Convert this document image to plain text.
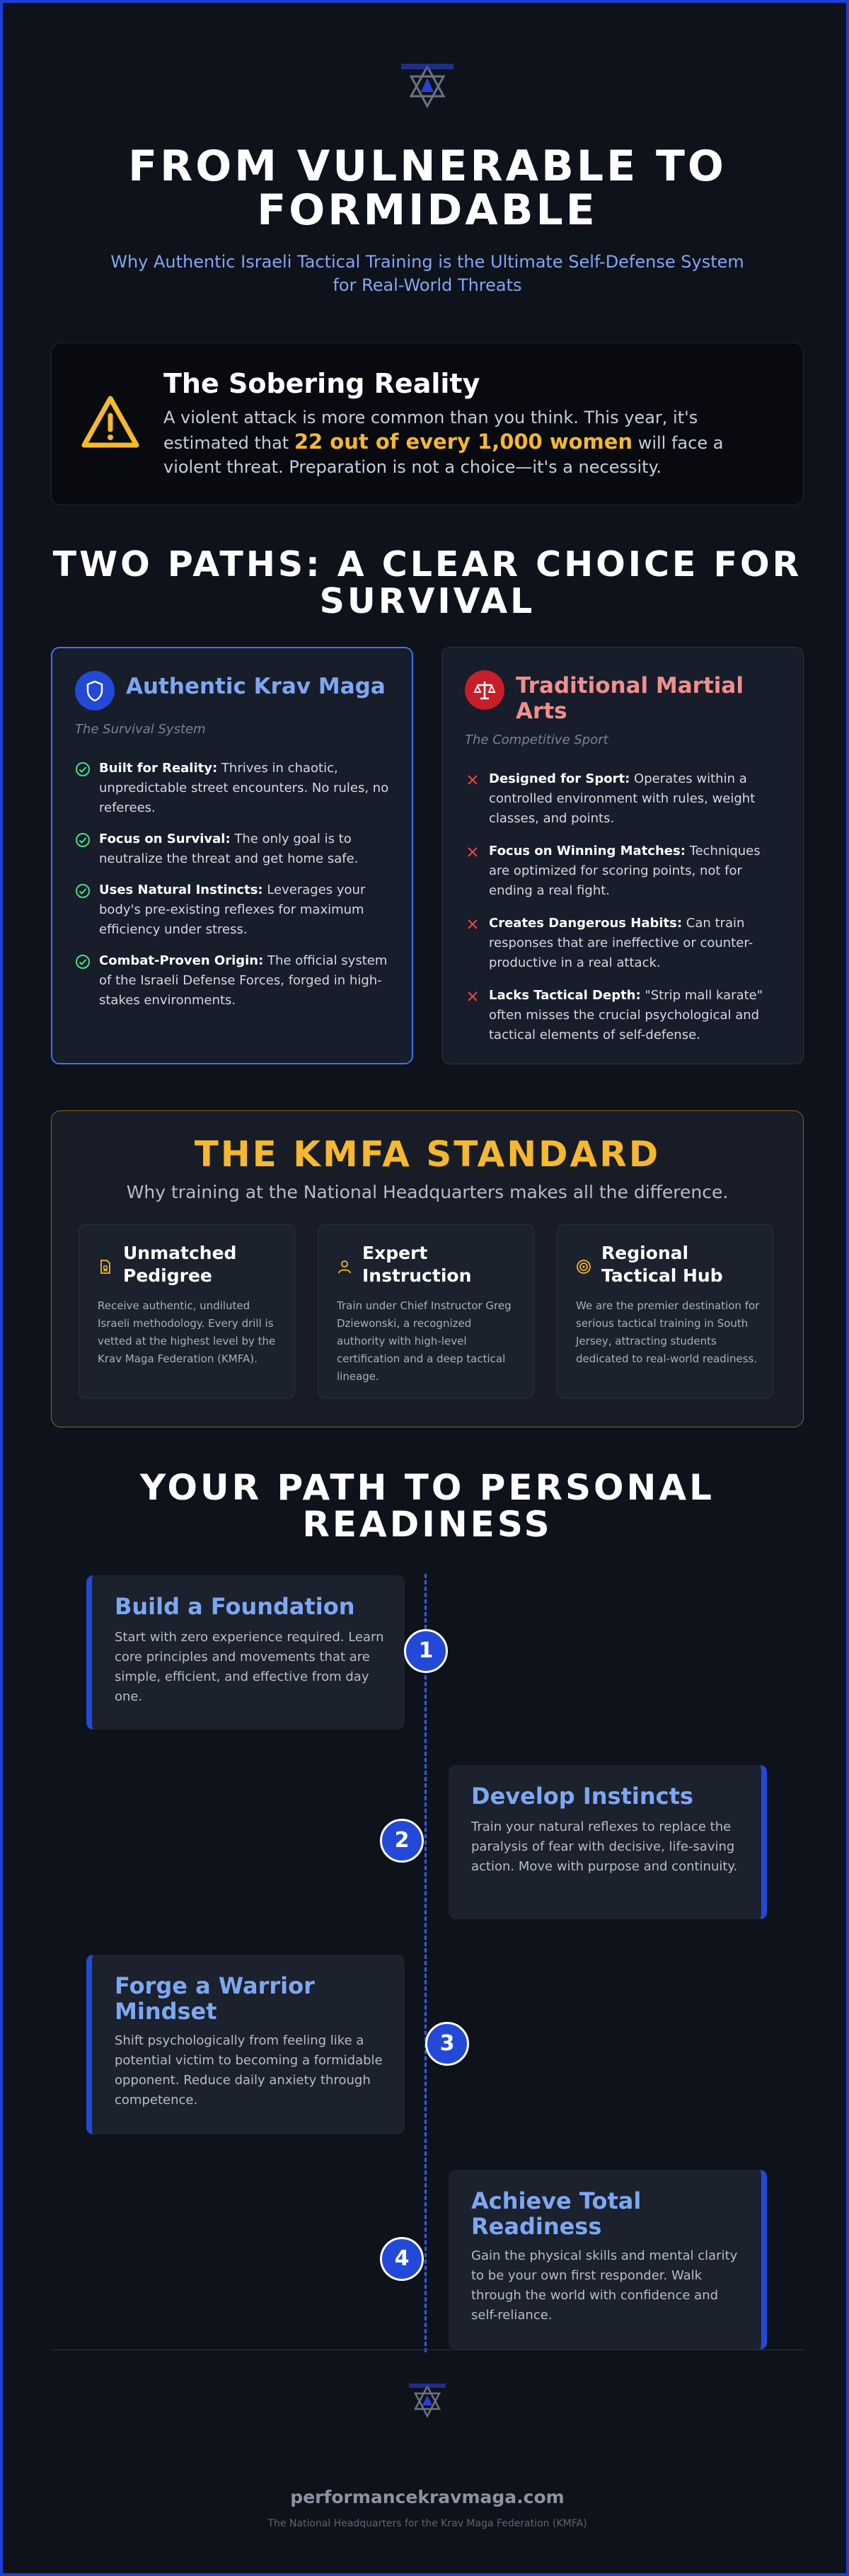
FROM VULNERABLE TO
FORMIDABLE
Why Authentic Israeli Tactical Training is the Ultimate Self-Defense System
for Real-World Threats
The Sobering Reality

A violent attack is more common than you think. This year, it's estimated that 22 out of every 1,000 women will face a violent threat. Preparation is not a choice—it's a necessity.

TWO PATHS: A CLEAR CHOICE FOR
SURVIVAL
Authentic Krav Maga
The Survival System
Built for Reality: Thrives in chaotic, unpredictable street encounters. No rules, no referees.
Focus on Survival: The only goal is to neutralize the threat and get home safe.
Uses Natural Instincts: Leverages your body's pre-existing reflexes for maximum efficiency under stress.
Combat-Proven Origin: The official system of the Israeli Defense Forces, forged in high-stakes environments.
Traditional Martial
Arts
The Competitive Sport
Designed for Sport: Operates within a controlled environment with rules, weight classes, and points.
Focus on Winning Matches: Techniques are optimized for scoring points, not for ending a real fight.
Creates Dangerous Habits: Can train responses that are ineffective or counter-productive in a real attack.
Lacks Tactical Depth: "Strip mall karate" often misses the crucial psychological and tactical elements of self-defense.
THE KMFA STANDARD
Why training at the National Headquarters makes all the difference.
Unmatched
Pedigree

Receive authentic, undiluted Israeli methodology. Every drill is vetted at the highest level by the Krav Maga Federation (KMFA).

Expert
Instruction

Train under Chief Instructor Greg Dziewonski, a recognized authority with high-level certification and a deep tactical lineage.

Regional
Tactical Hub

We are the premier destination for serious tactical training in South Jersey, attracting students dedicated to real-world readiness.

YOUR PATH TO PERSONAL
READINESS
Build a Foundation

Start with zero experience required. Learn core principles and movements that are simple, efficient, and effective from day one.

1
Develop Instincts

Train your natural reflexes to replace the paralysis of fear with decisive, life-saving action. Move with purpose and continuity.

2
Forge a Warrior
Mindset

Shift psychologically from feeling like a potential victim to becoming a formidable opponent. Reduce daily anxiety through competence.

3
Achieve Total
Readiness

Gain the physical skills and mental clarity to be your own first responder. Walk through the world with confidence and self-reliance.

4
performancekravmaga.com
The National Headquarters for the Krav Maga Federation (KMFA)
